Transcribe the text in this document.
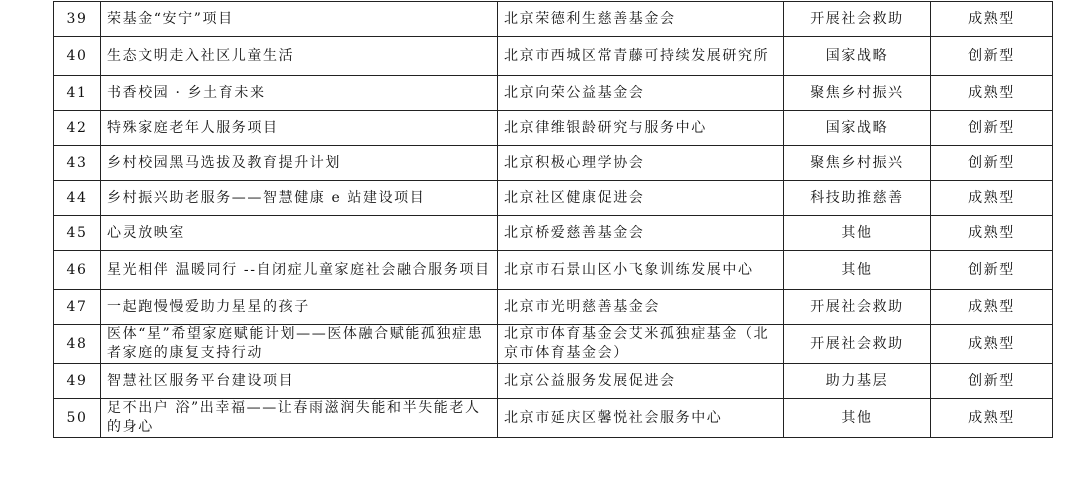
39	荣基金“安宁”项目	北京荣德利生慈善基金会	开展社会救助	成熟型
40	生态文明走入社区儿童生活	北京市西城区常青藤可持续发展研究所	国家战略	创新型
41	书香校园 · 乡土育未来	北京向荣公益基金会	聚焦乡村振兴	成熟型
42	特殊家庭老年人服务项目	北京律维银龄研究与服务中心	国家战略	创新型
43	乡村校园黑马选拔及教育提升计划	北京积极心理学协会	聚焦乡村振兴	创新型
44	乡村振兴助老服务——智慧健康 e 站建设项目	北京社区健康促进会	科技助推慈善	成熟型
45	心灵放映室	北京桥爱慈善基金会	其他	成熟型
46	星光相伴 温暖同行 --自闭症儿童家庭社会融合服务项目	北京市石景山区小飞象训练发展中心	其他	创新型
47	一起跑慢慢爱助力星星的孩子	北京市光明慈善基金会	开展社会救助	成熟型
48	医体“星”希望家庭赋能计划——医体融合赋能孤独症患者家庭的康复支持行动	北京市体育基金会艾米孤独症基金（北京市体育基金会）	开展社会救助	成熟型
49	智慧社区服务平台建设项目	北京公益服务发展促进会	助力基层	创新型
50	足不出户 浴”出幸福——让春雨滋润失能和半失能老人的身心	北京市延庆区馨悦社会服务中心	其他	成熟型
